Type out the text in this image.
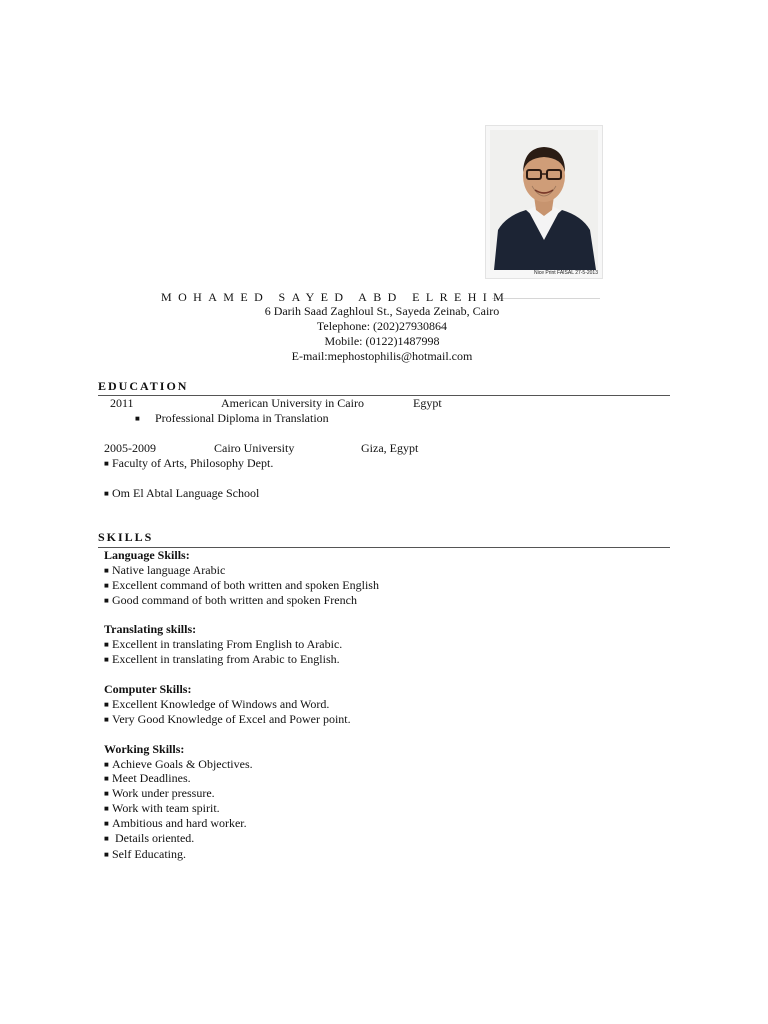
Nice Print FAISAL 27-5-2013
MOHAMED SAYED ABD ELREHIM
6 Darih Saad Zaghloul St., Sayeda Zeinab, Cairo
Telephone: (202)27930864
Mobile: (0122)1487998
E-mail:mephostophilis@hotmail.com
EDUCATION
2011	American University in Cairo	Egypt
■ Professional Diploma in Translation
2005-2009	Cairo University	Giza, Egypt
■ Faculty of Arts, Philosophy Dept.
■ Om El Abtal Language School
SKILLS
Language Skills:
■ Native language Arabic
■ Excellent command of both written and spoken English
■ Good command of both written and spoken French
Translating skills:
■ Excellent in translating From English to Arabic.
■ Excellent in translating from Arabic to English.
Computer Skills:
■ Excellent Knowledge of Windows and Word.
■ Very Good Knowledge of Excel and Power point.
Working Skills:
■ Achieve Goals & Objectives.
■ Meet Deadlines.
■ Work under pressure.
■ Work with team spirit.
■ Ambitious and hard worker.
■ Details oriented.
■ Self Educating.
